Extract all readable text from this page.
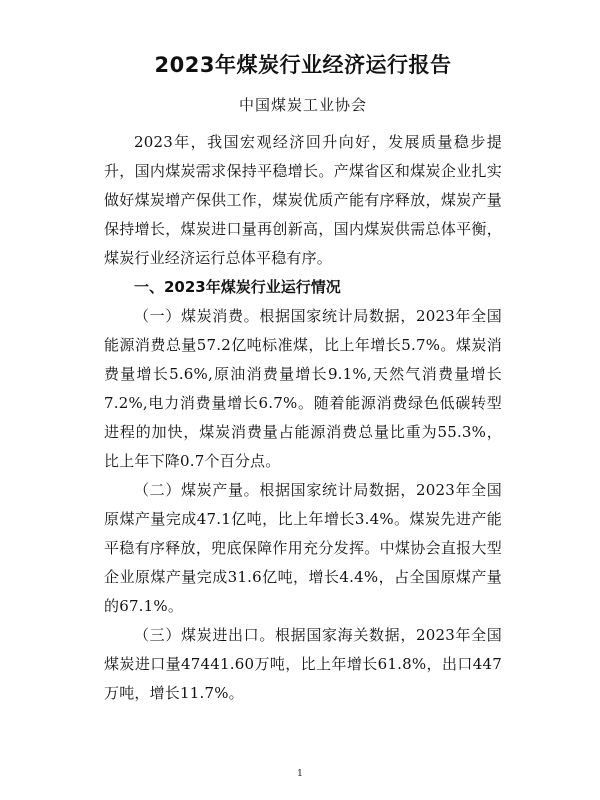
2023年煤炭行业经济运行报告
中国煤炭工业协会

2023年，我国宏观经济回升向好，发展质量稳步提升，国内煤炭需求保持平稳增长。产煤省区和煤炭企业扎实做好煤炭增产保供工作，煤炭优质产能有序释放，煤炭产量保持增长，煤炭进口量再创新高，国内煤炭供需总体平衡，煤炭行业经济运行总体平稳有序。

一、2023年煤炭行业运行情况

（一）煤炭消费。根据国家统计局数据，2023年全国能源消费总量57.2亿吨标准煤，比上年增长5.7%。煤炭消费量增长5.6%,原油消费量增长9.1%,天然气消费量增长7.2%,电力消费量增长6.7%。随着能源消费绿色低碳转型进程的加快，煤炭消费量占能源消费总量比重为55.3%，比上年下降0.7个百分点。

（二）煤炭产量。根据国家统计局数据，2023年全国原煤产量完成47.1亿吨，比上年增长3.4%。煤炭先进产能平稳有序释放，兜底保障作用充分发挥。中煤协会直报大型企业原煤产量完成31.6亿吨，增长4.4%，占全国原煤产量的67.1%。

（三）煤炭进出口。根据国家海关数据，2023年全国煤炭进口量47441.60万吨，比上年增长61.8%，出口447万吨，增长11.7%。

1
